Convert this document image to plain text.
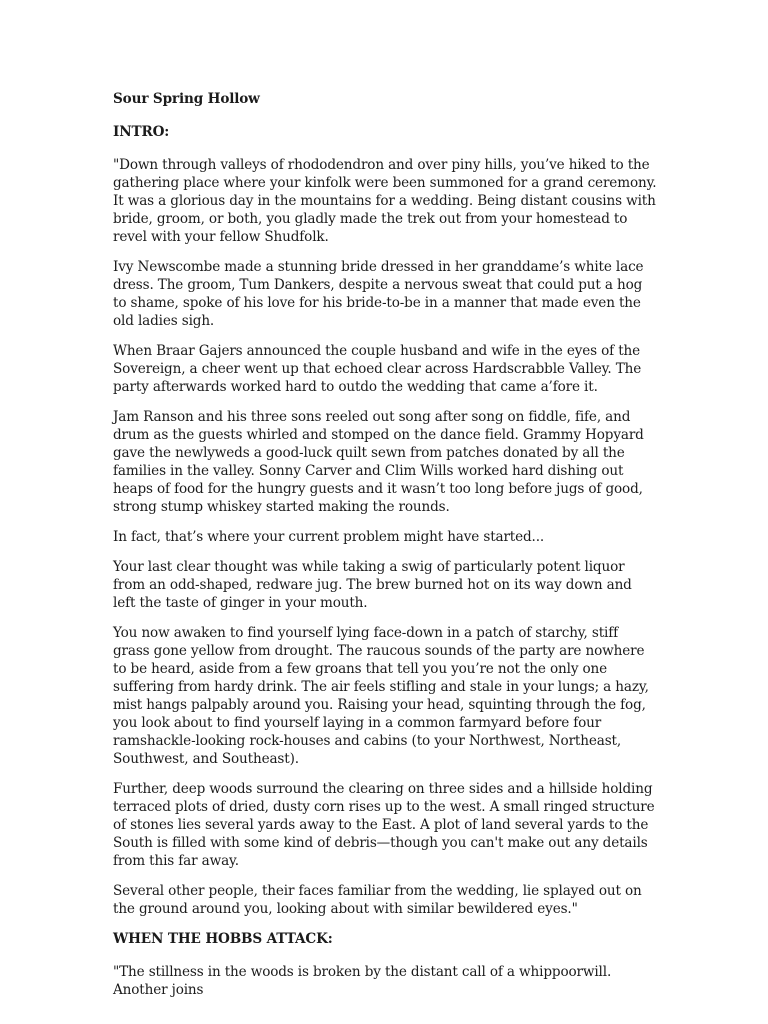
Sour Spring Hollow
INTRO:

"Down through valleys of rhododendron and over piny hills, you’ve hiked to the gathering place where your kinfolk were been summoned for a grand ceremony. It was a glorious day in the mountains for a wedding. Being distant cousins with bride, groom, or both, you gladly made the trek out from your homestead to revel with your fellow Shudfolk.

Ivy Newscombe made a stunning bride dressed in her granddame’s white lace dress. The groom, Tum Dankers, despite a nervous sweat that could put a hog to shame, spoke of his love for his bride-to-be in a manner that made even the old ladies sigh.

When Braar Gajers announced the couple husband and wife in the eyes of the Sovereign, a cheer went up that echoed clear across Hardscrabble Valley. The party afterwards worked hard to outdo the wedding that came a’fore it.

Jam Ranson and his three sons reeled out song after song on fiddle, fife, and drum as the guests whirled and stomped on the dance field. Grammy Hopyard gave the newlyweds a good-luck quilt sewn from patches donated by all the families in the valley. Sonny Carver and Clim Wills worked hard dishing out heaps of food for the hungry guests and it wasn’t too long before jugs of good, strong stump whiskey started making the rounds.

In fact, that’s where your current problem might have started...

Your last clear thought was while taking a swig of particularly potent liquor from an odd-shaped, redware jug. The brew burned hot on its way down and left the taste of ginger in your mouth.

You now awaken to find yourself lying face-down in a patch of starchy, stiff grass gone yellow from drought. The raucous sounds of the party are nowhere to be heard, aside from a few groans that tell you you’re not the only one suffering from hardy drink. The air feels stifling and stale in your lungs; a hazy, mist hangs palpably around you. Raising your head, squinting through the fog, you look about to find yourself laying in a common farmyard before four ramshackle-looking rock-houses and cabins (to your Northwest, Northeast, Southwest, and Southeast).

Further, deep woods surround the clearing on three sides and a hillside holding terraced plots of dried, dusty corn rises up to the west. A small ringed structure of stones lies several yards away to the East. A plot of land several yards to the South is filled with some kind of debris—though you can't make out any details from this far away.

Several other people, their faces familiar from the wedding, lie splayed out on the ground around you, looking about with similar bewildered eyes."

WHEN THE HOBBS ATTACK:

"The stillness in the woods is broken by the distant call of a whippoorwill. Another joins
